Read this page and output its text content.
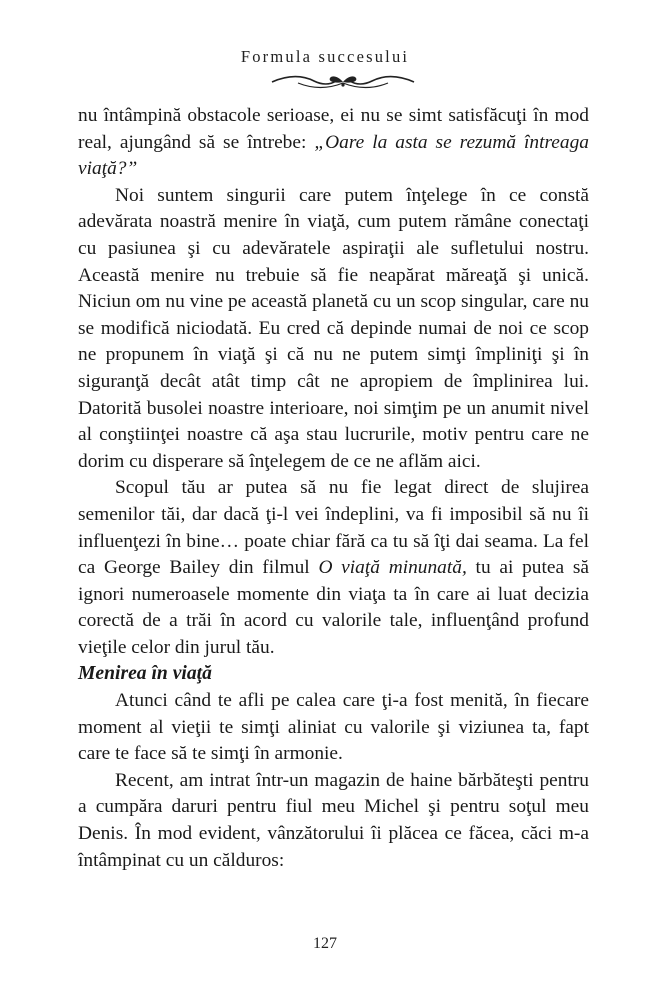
Formula succesului

nu întâmpină obstacole serioase, ei nu se simt satisfăcuţi în mod real, ajungând să se întrebe: „Oare la asta se rezumă întreaga viaţă?”

Noi suntem singurii care putem înţelege în ce constă adevărata noastră menire în viaţă, cum putem rămâne conectaţi cu pasiunea şi cu adevăratele aspiraţii ale sufletului nostru. Această menire nu trebuie să fie neapărat măreaţă şi unică. Niciun om nu vine pe această planetă cu un scop singular, care nu se modifică niciodată. Eu cred că depinde numai de noi ce scop ne propunem în viaţă şi că nu ne putem simţi împliniţi şi în siguranţă decât atât timp cât ne apropiem de împlinirea lui. Datorită busolei noastre interioare, noi simţim pe un anumit nivel al conştiinţei noastre că aşa stau lucrurile, motiv pentru care ne dorim cu disperare să înţelegem de ce ne aflăm aici.

Scopul tău ar putea să nu fie legat direct de slujirea semenilor tăi, dar dacă ţi-l vei îndeplini, va fi imposibil să nu îi influenţezi în bine… poate chiar fără ca tu să îţi dai seama. La fel ca George Bailey din filmul O viaţă minunată, tu ai putea să ignori numeroasele momente din viaţa ta în care ai luat decizia corectă de a trăi în acord cu valorile tale, influenţând profund vieţile celor din jurul tău.

Menirea în viaţă

Atunci când te afli pe calea care ţi-a fost menită, în fiecare moment al vieţii te simţi aliniat cu valorile şi viziunea ta, fapt care te face să te simţi în armonie.

Recent, am intrat într-un magazin de haine bărbăteşti pentru a cumpăra daruri pentru fiul meu Michel şi pentru soţul meu Denis. În mod evident, vânzătorului îi plăcea ce făcea, căci m-a întâmpinat cu un călduros:

127
